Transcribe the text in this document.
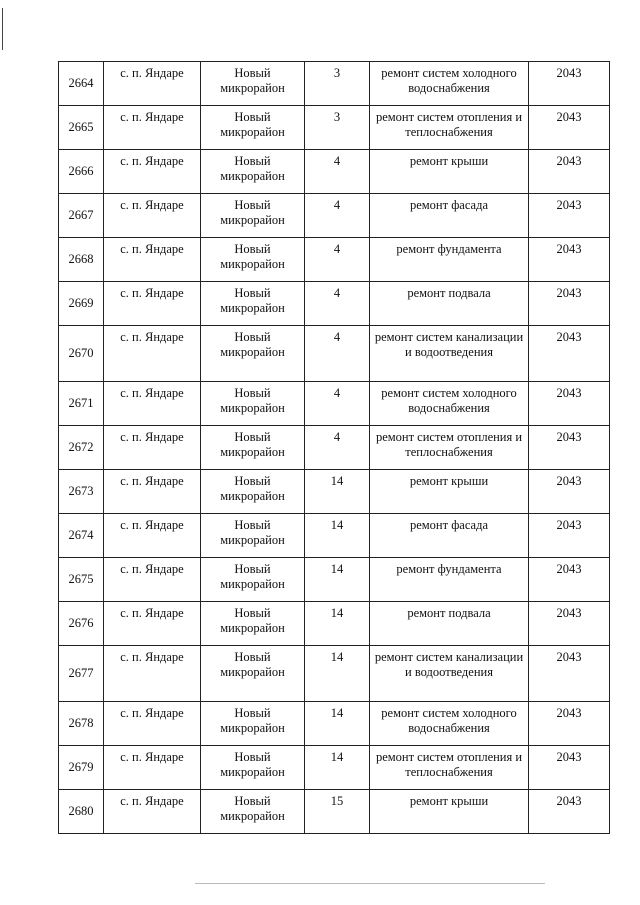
2664	с. п. Яндаре	Новый микрорайон	3	ремонт систем холодного водоснабжения	2043
2665	с. п. Яндаре	Новый микрорайон	3	ремонт систем отопления и теплоснабжения	2043
2666	с. п. Яндаре	Новый микрорайон	4	ремонт крыши	2043
2667	с. п. Яндаре	Новый микрорайон	4	ремонт фасада	2043
2668	с. п. Яндаре	Новый микрорайон	4	ремонт фундамента	2043
2669	с. п. Яндаре	Новый микрорайон	4	ремонт подвала	2043
2670	с. п. Яндаре	Новый микрорайон	4	ремонт систем канализации и водоотведения	2043
2671	с. п. Яндаре	Новый микрорайон	4	ремонт систем холодного водоснабжения	2043
2672	с. п. Яндаре	Новый микрорайон	4	ремонт систем отопления и теплоснабжения	2043
2673	с. п. Яндаре	Новый микрорайон	14	ремонт крыши	2043
2674	с. п. Яндаре	Новый микрорайон	14	ремонт фасада	2043
2675	с. п. Яндаре	Новый микрорайон	14	ремонт фундамента	2043
2676	с. п. Яндаре	Новый микрорайон	14	ремонт подвала	2043
2677	с. п. Яндаре	Новый микрорайон	14	ремонт систем канализации и водоотведения	2043
2678	с. п. Яндаре	Новый микрорайон	14	ремонт систем холодного водоснабжения	2043
2679	с. п. Яндаре	Новый микрорайон	14	ремонт систем отопления и теплоснабжения	2043
2680	с. п. Яндаре	Новый микрорайон	15	ремонт крыши	2043
